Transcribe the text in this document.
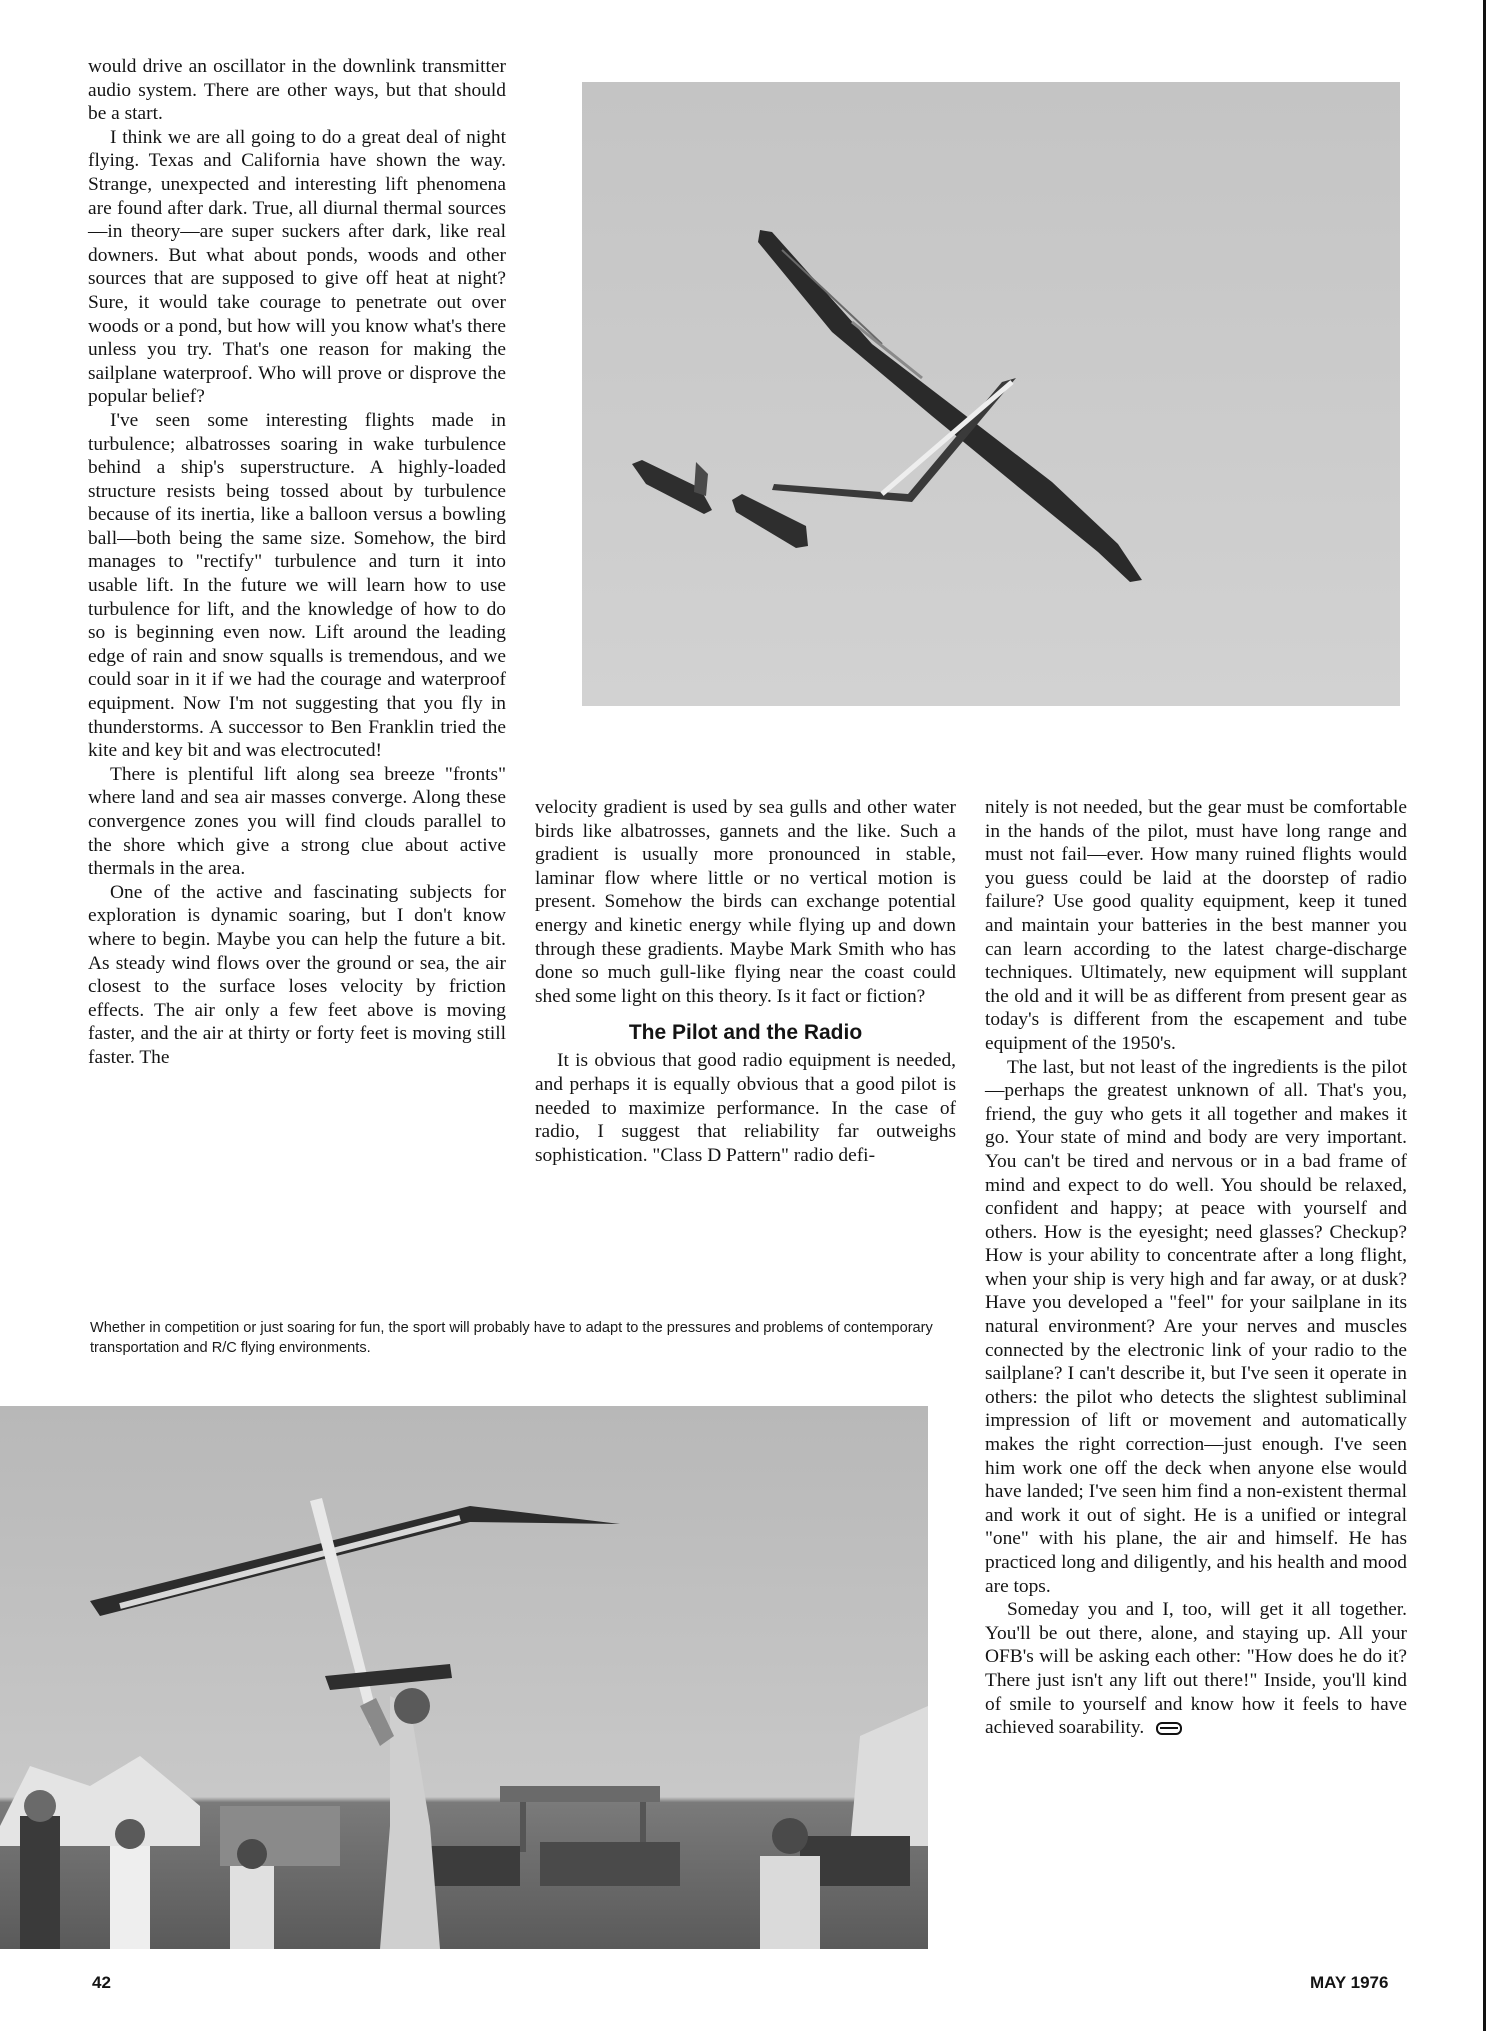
would drive an oscillator in the downlink transmitter audio system. There are other ways, but that should be a start.

I think we are all going to do a great deal of night flying. Texas and California have shown the way. Strange, unexpected and interesting lift phenomena are found after dark. True, all diurnal thermal sources—in theory—are super suckers after dark, like real downers. But what about ponds, woods and other sources that are supposed to give off heat at night? Sure, it would take courage to penetrate out over woods or a pond, but how will you know what's there unless you try. That's one reason for making the sailplane waterproof. Who will prove or disprove the popular belief?

I've seen some interesting flights made in turbulence; albatrosses soaring in wake turbulence behind a ship's superstructure. A highly-loaded structure resists being tossed about by turbulence because of its inertia, like a balloon versus a bowling ball—both being the same size. Somehow, the bird manages to "rectify" turbulence and turn it into usable lift. In the future we will learn how to use turbulence for lift, and the knowledge of how to do so is beginning even now. Lift around the leading edge of rain and snow squalls is tremendous, and we could soar in it if we had the courage and waterproof equipment. Now I'm not suggesting that you fly in thunderstorms. A successor to Ben Franklin tried the kite and key bit and was electrocuted!

There is plentiful lift along sea breeze "fronts" where land and sea air masses converge. Along these convergence zones you will find clouds parallel to the shore which give a strong clue about active thermals in the area.

One of the active and fascinating subjects for exploration is dynamic soaring, but I don't know where to begin. Maybe you can help the future a bit. As steady wind flows over the ground or sea, the air closest to the surface loses velocity by friction effects. The air only a few feet above is moving faster, and the air at thirty or forty feet is moving still faster. The

velocity gradient is used by sea gulls and other water birds like albatrosses, gannets and the like. Such a gradient is usually more pronounced in stable, laminar flow where little or no vertical motion is present. Somehow the birds can exchange potential energy and kinetic energy while flying up and down through these gradients. Maybe Mark Smith who has done so much gull-like flying near the coast could shed some light on this theory. Is it fact or fiction?

The Pilot and the Radio

It is obvious that good radio equipment is needed, and perhaps it is equally obvious that a good pilot is needed to maximize performance. In the case of radio, I suggest that reliability far outweighs sophistication. "Class D Pattern" radio defi-

nitely is not needed, but the gear must be comfortable in the hands of the pilot, must have long range and must not fail—ever. How many ruined flights would you guess could be laid at the doorstep of radio failure? Use good quality equipment, keep it tuned and maintain your batteries in the best manner you can learn according to the latest charge-discharge techniques. Ultimately, new equipment will supplant the old and it will be as different from present gear as today's is different from the escapement and tube equipment of the 1950's.

The last, but not least of the ingredients is the pilot—perhaps the greatest unknown of all. That's you, friend, the guy who gets it all together and makes it go. Your state of mind and body are very important. You can't be tired and nervous or in a bad frame of mind and expect to do well. You should be relaxed, confident and happy; at peace with yourself and others. How is the eyesight; need glasses? Checkup? How is your ability to concentrate after a long flight, when your ship is very high and far away, or at dusk? Have you developed a "feel" for your sailplane in its natural environment? Are your nerves and muscles connected by the electronic link of your radio to the sailplane? I can't describe it, but I've seen it operate in others: the pilot who detects the slightest subliminal impression of lift or movement and automatically makes the right correction—just enough. I've seen him work one off the deck when anyone else would have landed; I've seen him find a non-existent thermal and work it out of sight. He is a unified or integral "one" with his plane, the air and himself. He has practiced long and diligently, and his health and mood are tops.

Someday you and I, too, will get it all together. You'll be out there, alone, and staying up. All your OFB's will be asking each other: "How does he do it? There just isn't any lift out there!" Inside, you'll kind of smile to yourself and know how it feels to have achieved soarability.

Whether in competition or just soaring for fun, the sport will probably have to adapt to the pressures and problems of contemporary transportation and R/C flying environments.
42	MAY 1976
